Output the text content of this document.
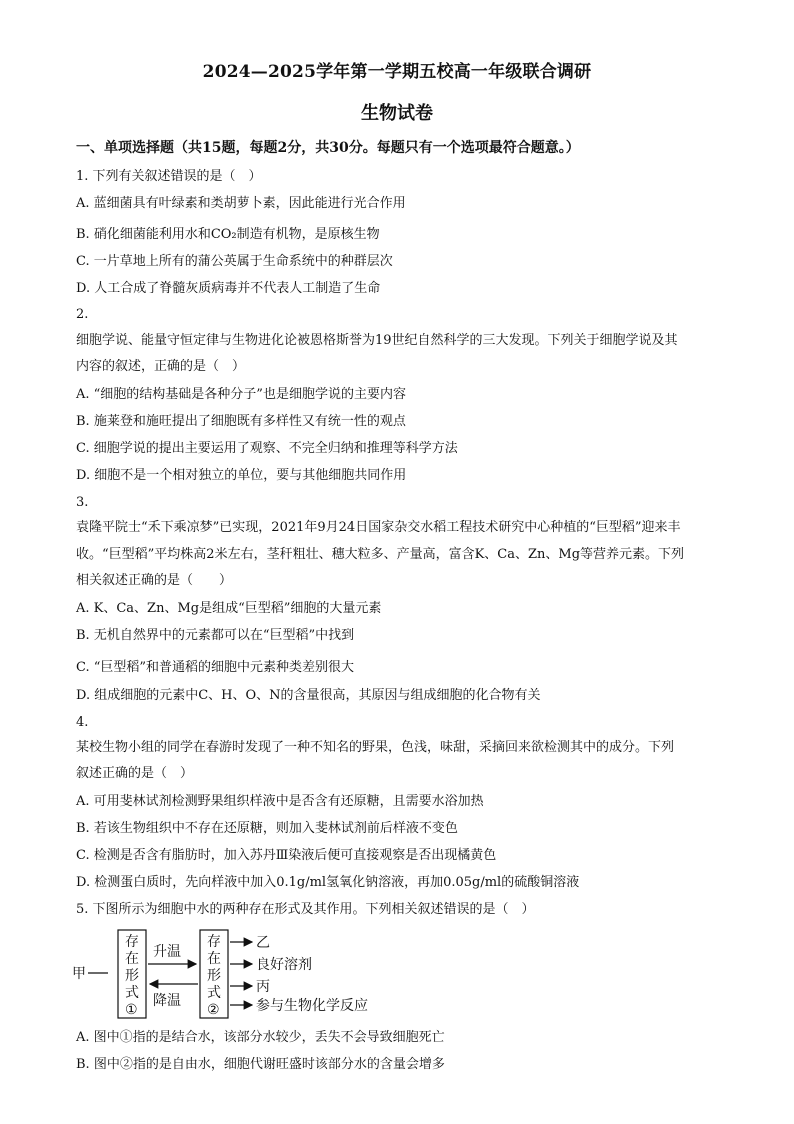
2024—2025学年第一学期五校高一年级联合调研
生物试卷
一、单项选择题（共15题，每题2分，共30分。每题只有一个选项最符合题意。）
1. 下列有关叙述错误的是（　）
A. 蓝细菌具有叶绿素和类胡萝卜素，因此能进行光合作用
B. 硝化细菌能利用水和CO₂制造有机物，是原核生物
C. 一片草地上所有的蒲公英属于生命系统中的种群层次
D. 人工合成了脊髓灰质病毒并不代表人工制造了生命
2.
细胞学说、能量守恒定律与生物进化论被恩格斯誉为19世纪自然科学的三大发现。下列关于细胞学说及其
内容的叙述，正确的是（　）
A. “细胞的结构基础是各种分子”也是细胞学说的主要内容
B. 施莱登和施旺提出了细胞既有多样性又有统一性的观点
C. 细胞学说的提出主要运用了观察、不完全归纳和推理等科学方法
D. 细胞不是一个相对独立的单位，要与其他细胞共同作用
3.
袁隆平院士“禾下乘凉梦”已实现，2021年9月24日国家杂交水稻工程技术研究中心种植的“巨型稻”迎来丰
收。“巨型稻”平均株高2米左右，茎秆粗壮、穗大粒多、产量高，富含K、Ca、Zn、Mg等营养元素。下列
相关叙述正确的是（　　）
A. K、Ca、Zn、Mg是组成“巨型稻”细胞的大量元素
B. 无机自然界中的元素都可以在“巨型稻”中找到
C. “巨型稻”和普通稻的细胞中元素种类差别很大
D. 组成细胞的元素中C、H、O、N的含量很高，其原因与组成细胞的化合物有关
4.
某校生物小组的同学在春游时发现了一种不知名的野果，色浅，味甜，采摘回来欲检测其中的成分。下列
叙述正确的是（　）
A. 可用斐林试剂检测野果组织样液中是否含有还原糖，且需要水浴加热
B. 若该生物组织中不存在还原糖，则加入斐林试剂前后样液不变色
C. 检测是否含有脂肪时，加入苏丹Ⅲ染液后便可直接观察是否出现橘黄色
D. 检测蛋白质时，先向样液中加入0.1g/ml氢氧化钠溶液，再加0.05g/ml的硫酸铜溶液
5. 下图所示为细胞中水的两种存在形式及其作用。下列相关叙述错误的是（　）
甲
存
在
形
式
①
升温
降温
存
在
形
式
②
乙
良好溶剂
丙
参与生物化学反应
A. 图中①指的是结合水，该部分水较少，丢失不会导致细胞死亡
B. 图中②指的是自由水，细胞代谢旺盛时该部分水的含量会增多
